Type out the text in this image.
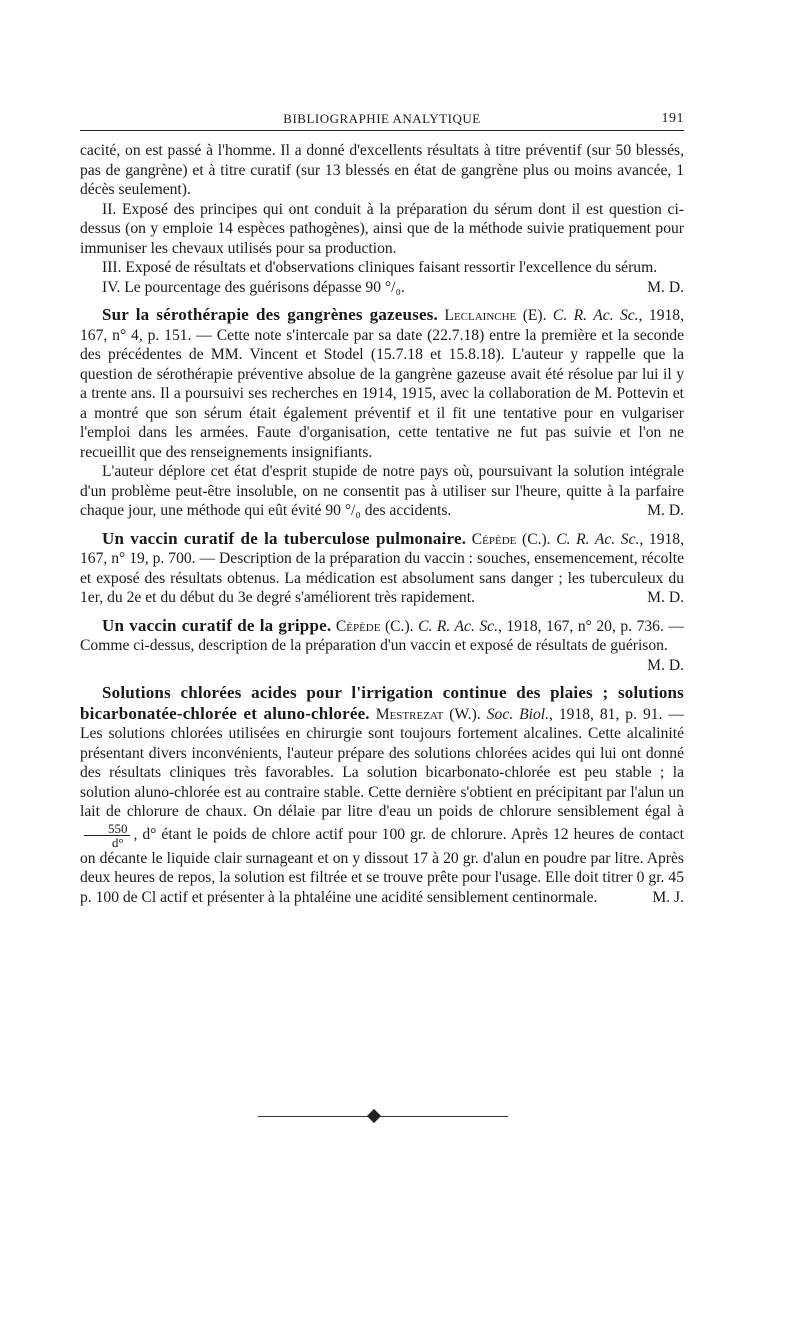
BIBLIOGRAPHIE ANALYTIQUE	191

cacité, on est passé à l'homme. Il a donné d'excellents résultats à titre préventif (sur 50 blessés, pas de gangrène) et à titre curatif (sur 13 blessés en état de gangrène plus ou moins avancée, 1 décès seulement).

II. Exposé des principes qui ont conduit à la préparation du sérum dont il est question ci-dessus (on y emploie 14 espèces pathogènes), ainsi que de la méthode suivie pratiquement pour immuniser les chevaux utilisés pour sa production.

III. Exposé de résultats et d'observations cliniques faisant ressortir l'excellence du sérum.

IV. Le pourcentage des guérisons dépasse 90 °/₀.	M. D.

Sur la sérothérapie des gangrènes gazeuses. Leclainche (E). C. R. Ac. Sc., 1918, 167, n° 4, p. 151. — Cette note s'intercale par sa date (22.7.18) entre la première et la seconde des précédentes de MM. Vincent et Stodel (15.7.18 et 15.8.18). L'auteur y rappelle que la question de sérothérapie préventive absolue de la gangrène gazeuse avait été résolue par lui il y a trente ans. Il a poursuivi ses recherches en 1914, 1915, avec la collaboration de M. Pottevin et a montré que son sérum était également préventif et il fit une tentative pour en vulgariser l'emploi dans les armées. Faute d'organisation, cette tentative ne fut pas suivie et l'on ne recueillit que des renseignements insignifiants.

L'auteur déplore cet état d'esprit stupide de notre pays où, poursuivant la solution intégrale d'un problème peut-être insoluble, on ne consentit pas à utiliser sur l'heure, quitte à la parfaire chaque jour, une méthode qui eût évité 90 °/₀ des accidents.	M. D.

Un vaccin curatif de la tuberculose pulmonaire. Cépède (C.). C. R. Ac. Sc., 1918, 167, n° 19, p. 700. — Description de la préparation du vaccin : souches, ensemencement, récolte et exposé des résultats obtenus. La médication est absolument sans danger ; les tuberculeux du 1er, du 2e et du début du 3e degré s'améliorent très rapidement.	M. D.

Un vaccin curatif de la grippe. Cépède (C.). C. R. Ac. Sc., 1918, 167, n° 20, p. 736. — Comme ci-dessus, description de la préparation d'un vaccin et exposé de résultats de guérison.
M. D.

Solutions chlorées acides pour l'irrigation continue des plaies ; solutions bicarbonatée-chlorée et aluno-chlorée. Mestrezat (W.). Soc. Biol., 1918, 81, p. 91. — Les solutions chlorées utilisées en chirurgie sont toujours fortement alcalines. Cette alcalinité présentant divers inconvénients, l'auteur prépare des solutions chlorées acides qui lui ont donné des résultats cliniques très favorables. La solution bicarbonato-chlorée est peu stable ; la solution aluno-chlorée est au contraire stable. Cette dernière s'obtient en précipitant par l'alun un lait de chlorure de chaux. On délaie par litre d'eau un poids de chlorure sensiblement égal à
$\frac{550}{d^\circ}$ , d° étant le poids de chlore actif pour 100 gr. de chlorure. Après 12 heures de contact on décante le liquide clair surnageant et on y dissout 17 à 20 gr. d'alun en poudre par litre. Après deux heures de repos, la solution est filtrée et se trouve prête pour l'usage. Elle doit titrer 0 gr. 45 p. 100 de Cl actif et présenter à la phtaléine une acidité sensiblement centinormale.	M. J.
